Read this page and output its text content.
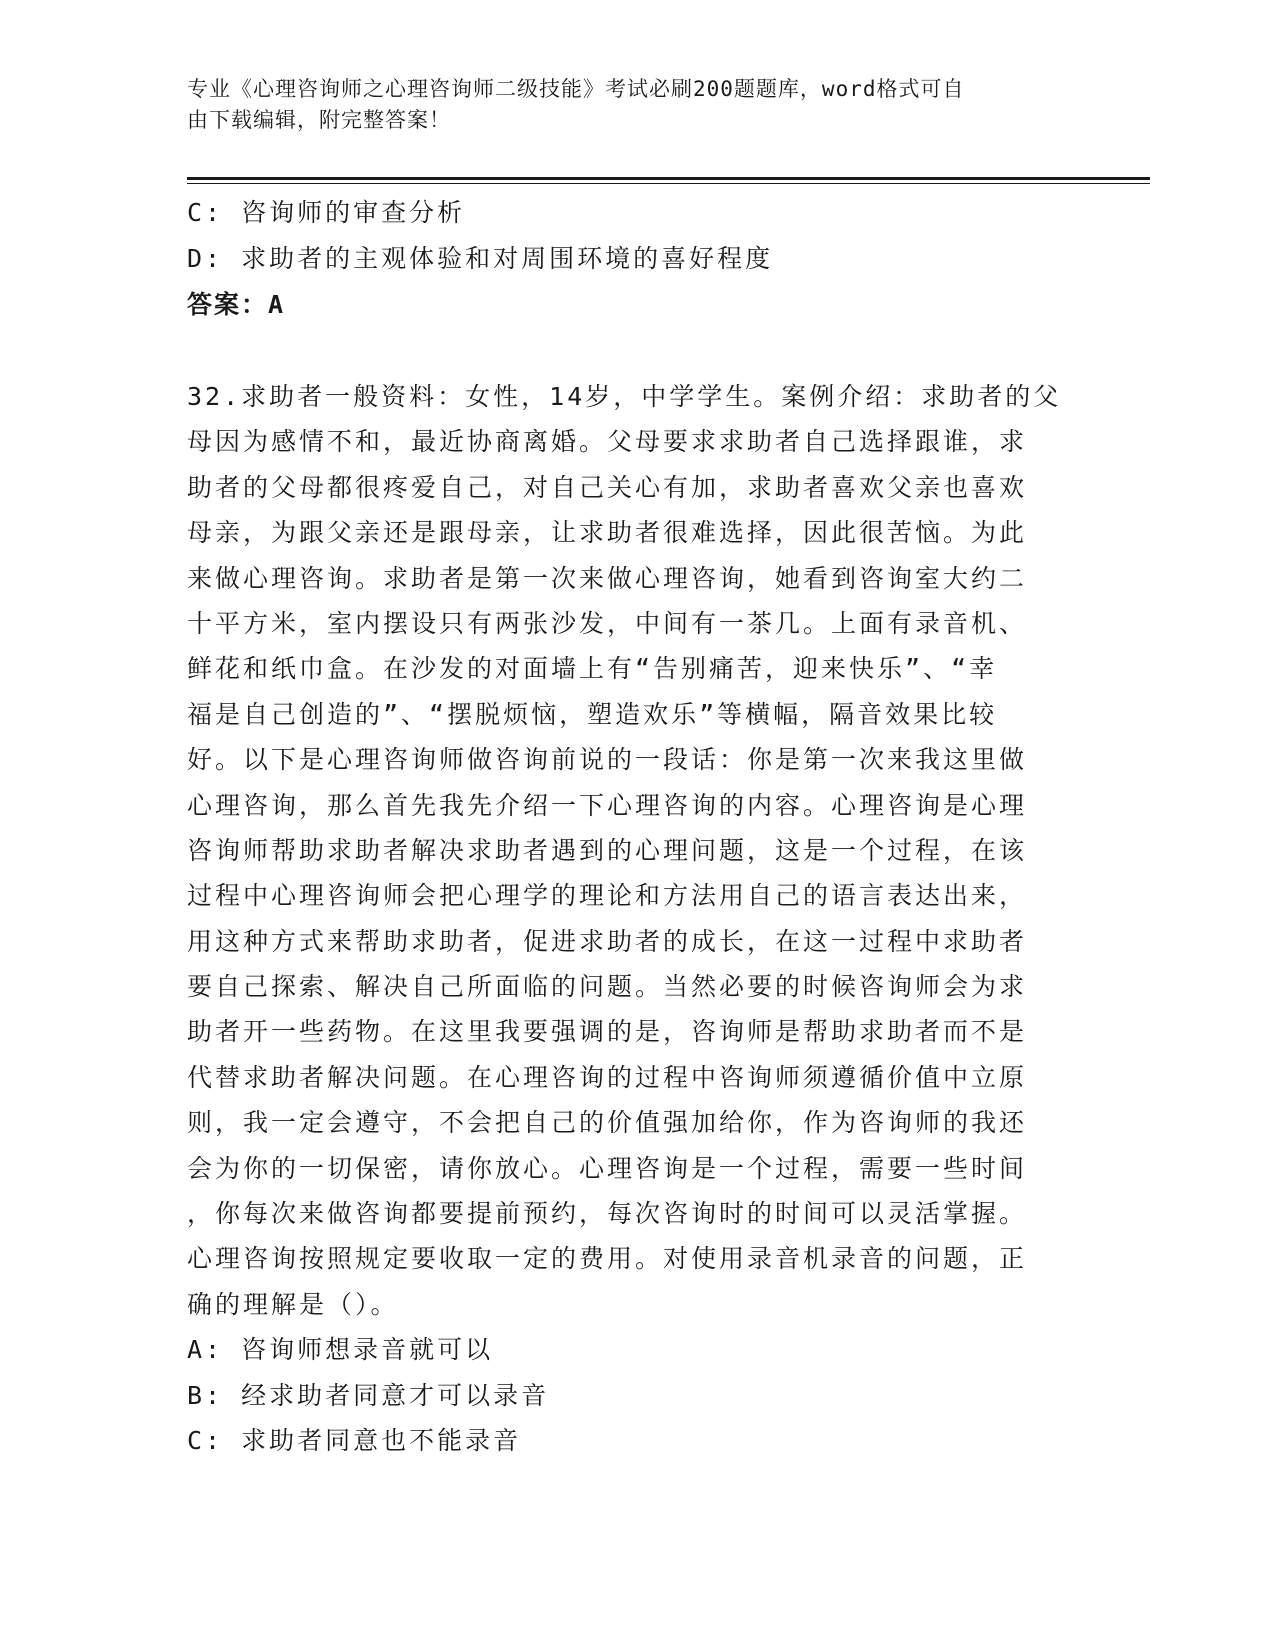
专业《心理咨询师之心理咨询师二级技能》考试必刷200题题库，word格式可自
由下载编辑，附完整答案！
C: 咨询师的审查分析
D: 求助者的主观体验和对周围环境的喜好程度
答案：A
32.求助者一般资料：女性，14岁，中学学生。案例介绍：求助者的父
母因为感情不和，最近协商离婚。父母要求求助者自己选择跟谁，求
助者的父母都很疼爱自己，对自己关心有加，求助者喜欢父亲也喜欢
母亲，为跟父亲还是跟母亲，让求助者很难选择，因此很苦恼。为此
来做心理咨询。求助者是第一次来做心理咨询，她看到咨询室大约二
十平方米，室内摆设只有两张沙发，中间有一茶几。上面有录音机、
鲜花和纸巾盒。在沙发的对面墙上有“告别痛苦，迎来快乐”、“幸
福是自己创造的”、“摆脱烦恼，塑造欢乐”等横幅，隔音效果比较
好。以下是心理咨询师做咨询前说的一段话：你是第一次来我这里做
心理咨询，那么首先我先介绍一下心理咨询的内容。心理咨询是心理
咨询师帮助求助者解决求助者遇到的心理问题，这是一个过程，在该
过程中心理咨询师会把心理学的理论和方法用自己的语言表达出来，
用这种方式来帮助求助者，促进求助者的成长，在这一过程中求助者
要自己探索、解决自己所面临的问题。当然必要的时候咨询师会为求
助者开一些药物。在这里我要强调的是，咨询师是帮助求助者而不是
代替求助者解决问题。在心理咨询的过程中咨询师须遵循价值中立原
则，我一定会遵守，不会把自己的价值强加给你，作为咨询师的我还
会为你的一切保密，请你放心。心理咨询是一个过程，需要一些时间
，你每次来做咨询都要提前预约，每次咨询时的时间可以灵活掌握。
心理咨询按照规定要收取一定的费用。对使用录音机录音的问题，正
确的理解是（）。
A: 咨询师想录音就可以
B: 经求助者同意才可以录音
C: 求助者同意也不能录音
